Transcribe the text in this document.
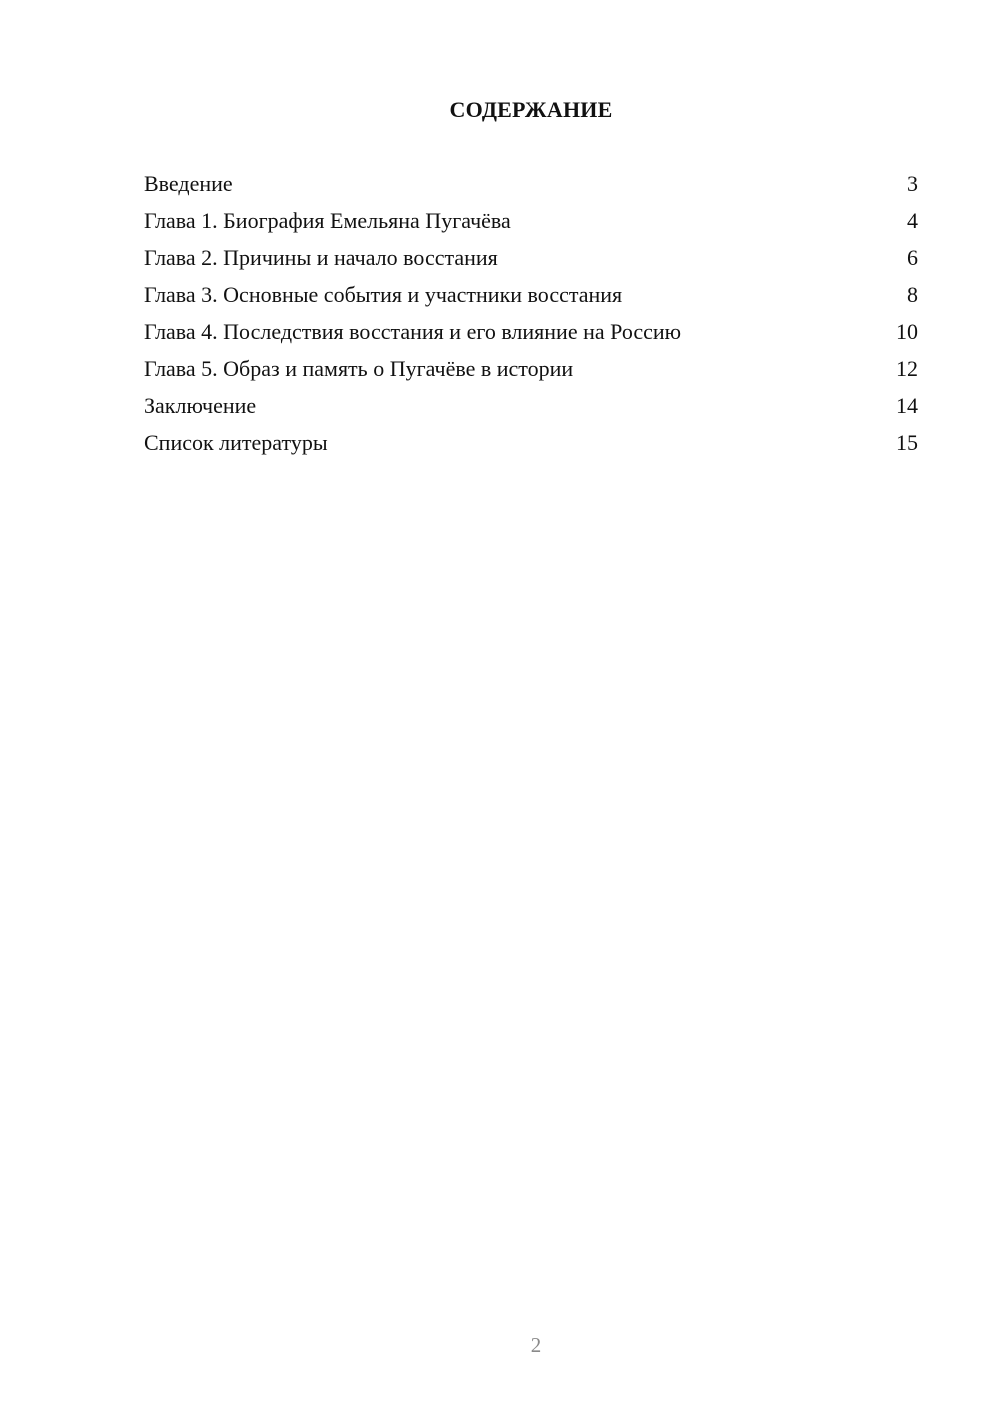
СОДЕРЖАНИЕ
Введение	3
Глава 1. Биография Емельяна Пугачёва	4
Глава 2. Причины и начало восстания	6
Глава 3. Основные события и участники восстания	8
Глава 4. Последствия восстания и его влияние на Россию	10
Глава 5. Образ и память о Пугачёве в истории	12
Заключение	14
Список литературы	15
2
